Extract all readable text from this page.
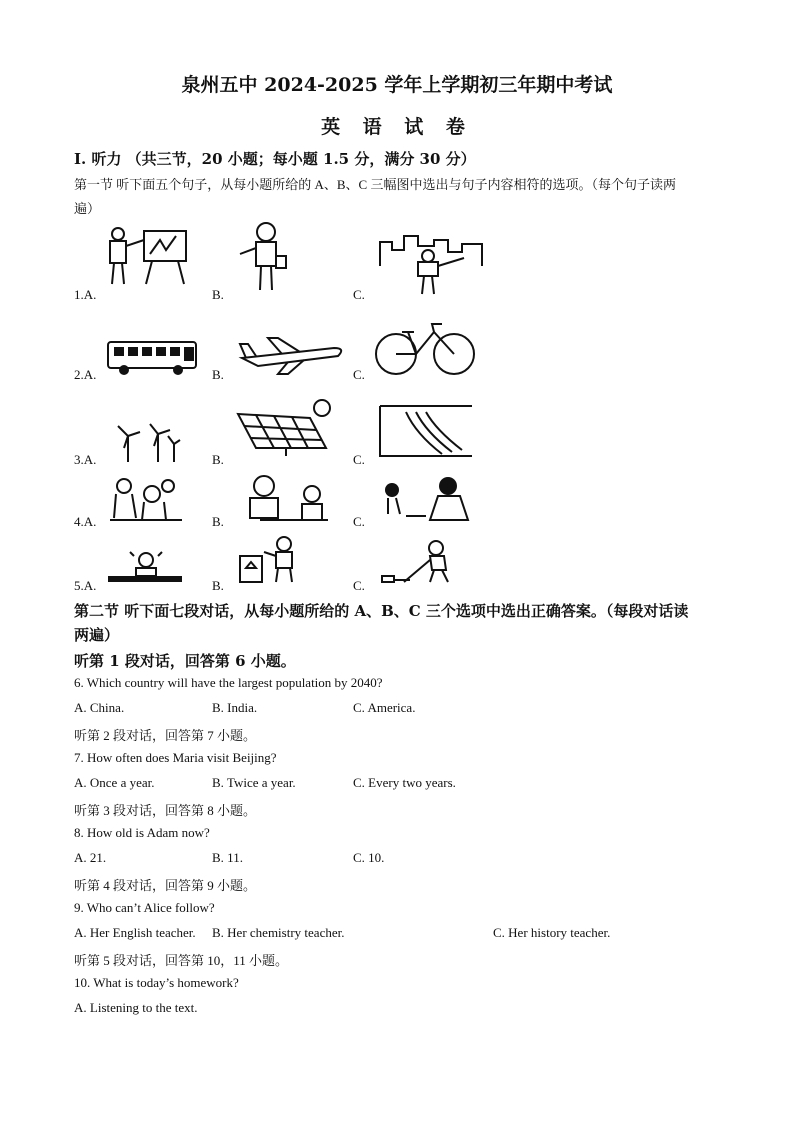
泉州五中 2024-2025 学年上学期初三年期中考试
英 语 试 卷
Ⅰ. 听力 （共三节，20 小题；每小题 1.5 分，满分 30 分）
第一节 听下面五个句子，从每小题所给的 A、B、C 三幅图中选出与句子内容相符的选项。（每个句子读两
遍）
1.A.	B.	C.
2.A.	B.	C.
3.A.	B.	C.
4.A.	B.	C.
5.A.	B.	C.
第二节 听下面七段对话，从每小题所给的 A、B、C 三个选项中选出正确答案。（每段对话读
两遍）
听第 1 段对话，回答第 6 小题。
6. Which country will have the largest population by 2040?
A. China.	B. India.	C. America.
听第 2 段对话，回答第 7 小题。
7. How often does Maria visit Beijing?
A. Once a year.	B. Twice a year.	C. Every two years.
听第 3 段对话，回答第 8 小题。
8. How old is Adam now?
A. 21.	B. 11.	C. 10.
听第 4 段对话，回答第 9 小题。
9. Who can’t Alice follow?
A. Her English teacher. B. Her chemistry teacher.	C. Her history teacher.
听第 5 段对话，回答第 10，11 小题。
10. What is today’s homework?
A. Listening to the text.
